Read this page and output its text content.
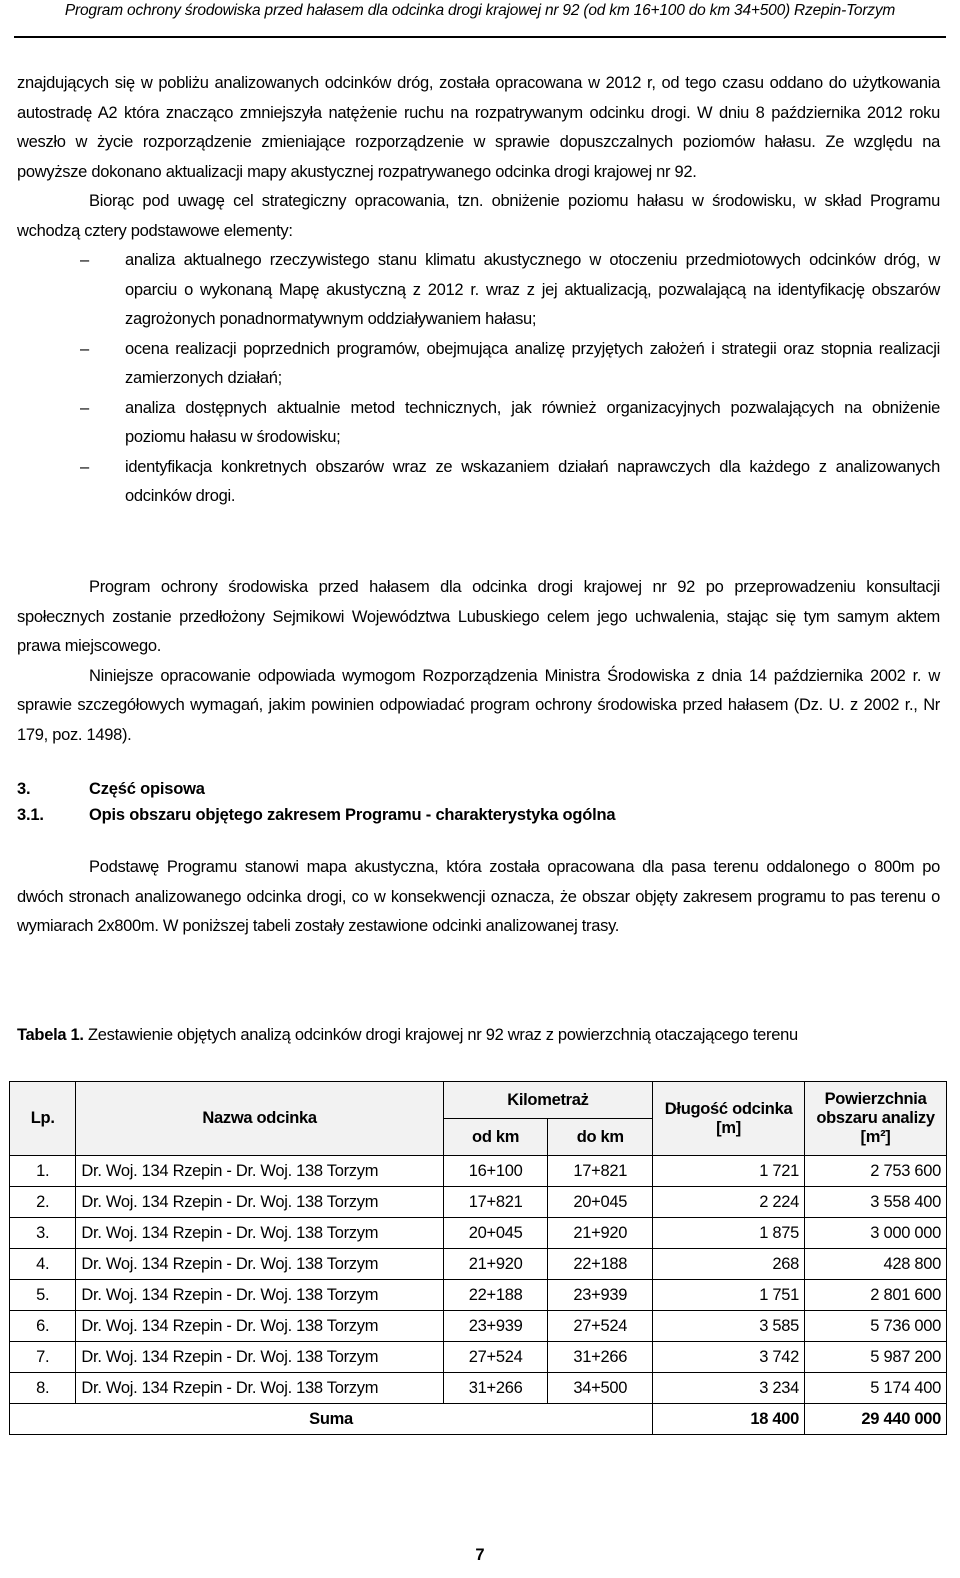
Program ochrony środowiska przed hałasem dla odcinka drogi krajowej nr 92 (od km 16+100 do km 34+500) Rzepin-Torzym

znajdujących się w pobliżu analizowanych odcinków dróg, została opracowana w 2012 r, od tego czasu oddano do użytkowania autostradę A2 która znacząco zmniejszyła natężenie ruchu na rozpatrywanym odcinku drogi. W dniu 8 października 2012 roku weszło w życie rozporządzenie zmieniające rozporządzenie w sprawie dopuszczalnych poziomów hałasu. Ze względu na powyższe dokonano aktualizacji mapy akustycznej rozpatrywanego odcinka drogi krajowej nr 92.

Biorąc pod uwagę cel strategiczny opracowania, tzn. obniżenie poziomu hałasu w środowisku, w skład Programu wchodzą cztery podstawowe elementy:

– analiza aktualnego rzeczywistego stanu klimatu akustycznego w otoczeniu przedmiotowych odcinków dróg, w oparciu o wykonaną Mapę akustyczną z 2012 r. wraz z jej aktualizacją, pozwalającą na identyfikację obszarów zagrożonych ponadnormatywnym oddziaływaniem hałasu;
– ocena realizacji poprzednich programów, obejmująca analizę przyjętych założeń i strategii oraz stopnia realizacji zamierzonych działań;
– analiza dostępnych aktualnie metod technicznych, jak również organizacyjnych pozwalających na obniżenie poziomu hałasu w środowisku;
– identyfikacja konkretnych obszarów wraz ze wskazaniem działań naprawczych dla każdego z analizowanych odcinków drogi.

Program ochrony środowiska przed hałasem dla odcinka drogi krajowej nr 92 po przeprowadzeniu konsultacji społecznych zostanie przedłożony Sejmikowi Województwa Lubuskiego celem jego uchwalenia, stając się tym samym aktem prawa miejscowego.

Niniejsze opracowanie odpowiada wymogom Rozporządzenia Ministra Środowiska z dnia 14 października 2002 r. w sprawie szczegółowych wymagań, jakim powinien odpowiadać program ochrony środowiska przed hałasem (Dz. U. z 2002 r., Nr 179, poz. 1498).

3.	Część opisowa
3.1.	Opis obszaru objętego zakresem Programu - charakterystyka ogólna

Podstawę Programu stanowi mapa akustyczna, która została opracowana dla pasa terenu oddalonego o 800m po dwóch stronach analizowanego odcinka drogi, co w konsekwencji oznacza, że obszar objęty zakresem programu to pas terenu o wymiarach 2x800m. W poniższej tabeli zostały zestawione odcinki analizowanej trasy.

Tabela 1. Zestawienie objętych analizą odcinków drogi krajowej nr 92 wraz z powierzchnią otaczającego terenu
Lp.	Nazwa odcinka	Kilometraż		Długość odcinka [m]	Powierzchnia obszaru analizy [m²]
		od km	do km		
1.	Dr. Woj. 134 Rzepin - Dr. Woj. 138 Torzym	16+100	17+821	1 721	2 753 600
2.	Dr. Woj. 134 Rzepin - Dr. Woj. 138 Torzym	17+821	20+045	2 224	3 558 400
3.	Dr. Woj. 134 Rzepin - Dr. Woj. 138 Torzym	20+045	21+920	1 875	3 000 000
4.	Dr. Woj. 134 Rzepin - Dr. Woj. 138 Torzym	21+920	22+188	268	428 800
5.	Dr. Woj. 134 Rzepin - Dr. Woj. 138 Torzym	22+188	23+939	1 751	2 801 600
6.	Dr. Woj. 134 Rzepin - Dr. Woj. 138 Torzym	23+939	27+524	3 585	5 736 000
7.	Dr. Woj. 134 Rzepin - Dr. Woj. 138 Torzym	27+524	31+266	3 742	5 987 200
8.	Dr. Woj. 134 Rzepin - Dr. Woj. 138 Torzym	31+266	34+500	3 234	5 174 400
Suma				18 400	29 440 000
7
